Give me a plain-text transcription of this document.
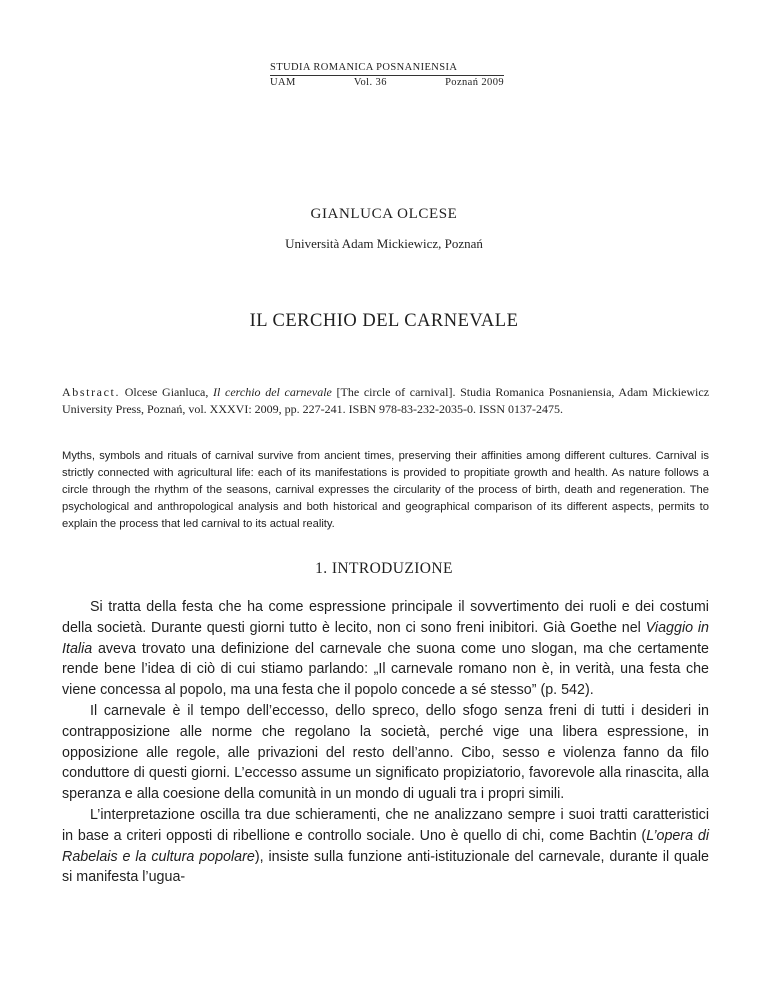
STUDIA ROMANICA POSNANIENSIA
UAM	Vol. 36	Poznań 2009
GIANLUCA OLCESE
Università Adam Mickiewicz, Poznań
IL CERCHIO DEL CARNEVALE
Abstract. Olcese Gianluca, Il cerchio del carnevale [The circle of carnival]. Studia Romanica Posnaniensia, Adam Mickiewicz University Press, Poznań, vol. XXXVI: 2009, pp. 227-241. ISBN 978-83-232-2035-0. ISSN 0137-2475.
Myths, symbols and rituals of carnival survive from ancient times, preserving their affinities among different cultures. Carnival is strictly connected with agricultural life: each of its manifestations is provided to propitiate growth and health. As nature follows a circle through the rhythm of the seasons, carnival expresses the circularity of the process of birth, death and regeneration. The psychological and anthropological analysis and both historical and geographical comparison of its different aspects, permits to explain the process that led carnival to its actual reality.
1. INTRODUZIONE

Si tratta della festa che ha come espressione principale il sovvertimento dei ruoli e dei costumi della società. Durante questi giorni tutto è lecito, non ci sono freni inibitori. Già Goethe nel Viaggio in Italia aveva trovato una definizione del carnevale che suona come uno slogan, ma che certamente rende bene l’idea di ciò di cui stiamo parlando: „Il carnevale romano non è, in verità, una festa che viene concessa al popolo, ma una festa che il popolo concede a sé stesso” (p. 542).

Il carnevale è il tempo dell’eccesso, dello spreco, dello sfogo senza freni di tutti i desideri in contrapposizione alle norme che regolano la società, perché vige una libera espressione, in opposizione alle regole, alle privazioni del resto dell’anno. Cibo, sesso e violenza fanno da filo conduttore di questi giorni. L’eccesso assume un significato propiziatorio, favorevole alla rinascita, alla speranza e alla coesione della comunità in un mondo di uguali tra i propri simili.

L’interpretazione oscilla tra due schieramenti, che ne analizzano sempre i suoi tratti caratteristici in base a criteri opposti di ribellione e controllo sociale. Uno è quello di chi, come Bachtin (L’opera di Rabelais e la cultura popolare), insiste sulla funzione anti-istituzionale del carnevale, durante il quale si manifesta l’ugua-
